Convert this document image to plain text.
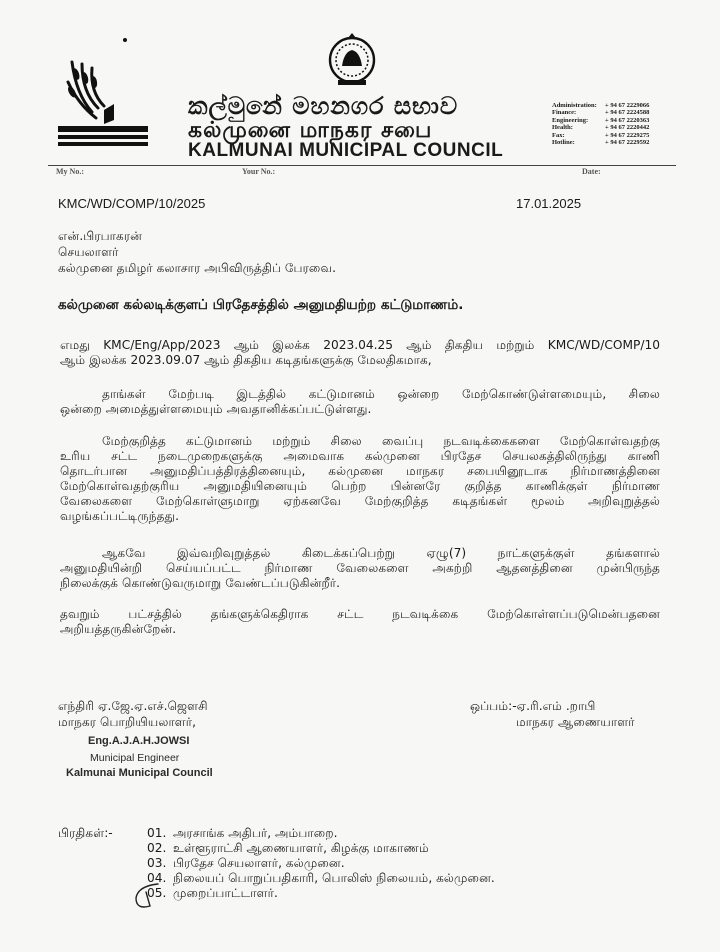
කල්මුනේ මහනගර සභාව
கல்முனை மாநகர சபை
KALMUNAI MUNICIPAL COUNCIL
Administration:	+ 94 67 2229066
Finance:	+ 94 67 2224588
Engineering:	+ 94 67 2220363
Health:	+ 94 67 2220442
Fax:	+ 94 67 2229275
Hotline:	+ 94 67 2229592
My No.:	Your No.:	Date:
KMC/WD/COMP/10/2025	17.01.2025
என்.பிரபாகரன்
செயலாளர்
கல்முனை தமிழர் கலாசார அபிவிருத்திப் பேரவை.
கல்முனை கல்லடிக்குளப் பிரதேசத்தில் அனுமதியற்ற கட்டுமாணம்.
எமது KMC/Eng/App/2023 ஆம் இலக்க 2023.04.25 ஆம் திகதிய மற்றும் KMC/WD/COMP/10
ஆம் இலக்க 2023.09.07 ஆம் திகதிய கடிதங்களுக்கு மேலதிகமாக,
தாங்கள் மேற்படி இடத்தில் கட்டுமானம் ஒன்றை மேற்கொண்டுள்ளமையும், சிலை
ஒன்றை அமைத்துள்ளமையும் அவதானிக்கப்பட்டுள்ளது.
மேற்குறித்த கட்டுமானம் மற்றும் சிலை வைப்பு நடவடிக்கைகளை மேற்கொள்வதற்கு
உரிய சட்ட நடைமுறைகளுக்கு அமைவாக கல்முனை பிரதேச செயலகத்திலிருந்து காணி
தொடர்பான அனுமதிப்பத்திரத்தினையும், கல்முனை மாநகர சபையினூடாக நிர்மாணத்தினை
மேற்கொள்வதற்குரிய அனுமதியினையும் பெற்ற பின்னரே குறித்த காணிக்குள் நிர்மாண
வேலைகளை மேற்கொள்ளுமாறு ஏற்கனவே மேற்குறித்த கடிதங்கள் மூலம் அறிவுறுத்தல்
வழங்கப்பட்டிருந்தது.
ஆகவே இவ்வறிவுறுத்தல் கிடைக்கப்பெற்று ஏழு(7) நாட்களுக்குள் தங்களால்
அனுமதியின்றி செய்யப்பட்ட நிர்மாண வேலைகளை அகற்றி ஆதனத்தினை முன்பிருந்த
நிலைக்குக் கொண்டுவருமாறு வேண்டப்படுகின்றீர்.
தவறும் பட்சத்தில் தங்களுக்கெதிராக சட்ட நடவடிக்கை மேற்கொள்ளப்படுமென்பதனை
அறியத்தருகின்றேன்.
எந்திரி ஏ.ஜே.ஏ.எச்.ஜௌசி
மாநகர பொறியியலாளர்,
Eng.A.J.A.H.JOWSI
Municipal Engineer
Kalmunai Municipal Council
ஒப்பம்:-ஏ.ரி.எம் .றாபி
மாநகர ஆணையாளர்
பிரதிகள்:-	01. அரசாங்க அதிபர், அம்பாறை.
02. உள்ளூராட்சி ஆணையாளர், கிழக்கு மாகாணம்
03. பிரதேச செயலாளர், கல்முனை.
04. நிலையப் பொறுப்பதிகாரி, பொலிஸ் நிலையம், கல்முனை.
05. முறைப்பாட்டாளர்.
